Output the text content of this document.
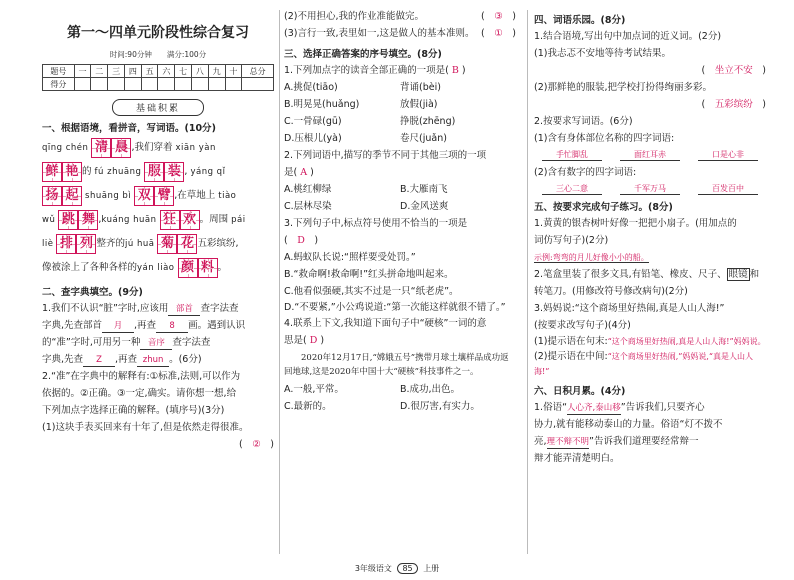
第一～四单元阶段性综合复习
时间:90分钟　　满分:100分
题号	一	二	三	四	五	六	七	八	九	十	总分
得分											
基础积累
一、根据语境，看拼音，写词语。(10分)
qīng chén 清 晨 ,我们穿着 xiān yàn
鲜 艳 的 fú zhuāng 服 装 , yáng qǐ
扬 起 shuāng bì 双 臂 ,在草地上 tiào
wǔ 跳 舞 ,kuáng huān 狂 欢 。周围 pái
liè 排 列 整齐的jú huā 菊 花 五彩缤纷,
像被涂上了各种各样的yán liào 颜 料 。
二、查字典填空。(9分)

1.我们不认识“脏”字时,应该用 部首 查字法查

字典,先查部首 月 ,再查 8 画。遇到认识

的“准”字时,可用另一种 音序 查字法查

字典,先查 Z ,再查 zhun 。(6分)

2.“准”在字典中的解释有:①标准,法则,可以作为

依据的。②正确。③一定,确实。请你想一想,给

下列加点字选择正确的解释。(填序号)(3分)

(1)这块手表买回来有十年了,但是依然走得很准。

(　②　)

(2)不用担心,我的作业准能做完。	(　③　)

(3)言行一致,表里如一,这是做人的基本准则。 (　①　)

三、选择正确答案的序号填空。(8分)

1.下列加点字的读音全部正确的一项是( B )

A.挑促(tiāo)	背诵(bèi) B.明晃晃(huǎng)	放假(jià) C.一骨碌(gū)	挣脱(zhēng) D.压根儿(yà)	卷尺(juǎn)

2.下列词语中,描写的季节不同于其他三项的一项

是( A )

A.桃红柳绿	B.大雁南飞 C.层林尽染	D.金风送爽

3.下列句子中,标点符号使用不恰当的一项是

(　D　)

A.蚂蚁队长说:“照样要受处罚。”

B.“救命啊!救命啊!”红头拼命地叫起来。

C.他看似强硬,其实不过是一只“纸老虎”。

D.“不要紧,”小公鸡说道:“第一次能这样就很不错了。”

4.联系上下文,我知道下面句子中“硬核”一词的意

思是( D )

2020年12月17日,“嫦娥五号”携带月球土壤样品成功返回地球,这是2020年中国十大“硬核”科技事件之一。
A.一般,平常。	B.成功,出色。 C.最新的。	D.很厉害,有实力。
四、词语乐园。(8分)

1.结合语境,写出句中加点词的近义词。(2分)

(1)我忐忑不安地等待考试结果。

(　坐立不安　)

(2)那鲜艳的服装,把学校打扮得绚丽多彩。

(　五彩缤纷　)

2.按要求写词语。(6分)

(1)含有身体部位名称的四字词语:

手忙脚乱	面红耳赤	口是心非

(2)含有数字的四字词语:

三心二意	千军万马	百发百中
五、按要求完成句子练习。(8分)

1.黄黄的银杏树叶好像一把把小扇子。(用加点的

词仿写句子)(2分)

示例:弯弯的月儿好像小小的船。

2.笔盒里装了很多文具,有铅笔、橡皮、尺子、 眼镜 和

转笔刀。(用修改符号修改病句)(2分)

3.妈妈说:“这个商场里好热闹,真是人山人海!”

(按要求改写句子)(4分)

(1)提示语在句末:“这个商场里好热闹,真是人山人海!”妈妈说。

(2)提示语在中间:“这个商场里好热闹,”妈妈说,“真是人山人海!”

六、日积月累。(4分)

1.俗语“人心齐,泰山移”告诉我们,只要齐心

协力,就有能移动泰山的力量。俗语“灯不拨不

亮,理不辩不明”告诉我们道理要经常辩一

辩才能弄清楚明白。

3年级语文 85 上册
